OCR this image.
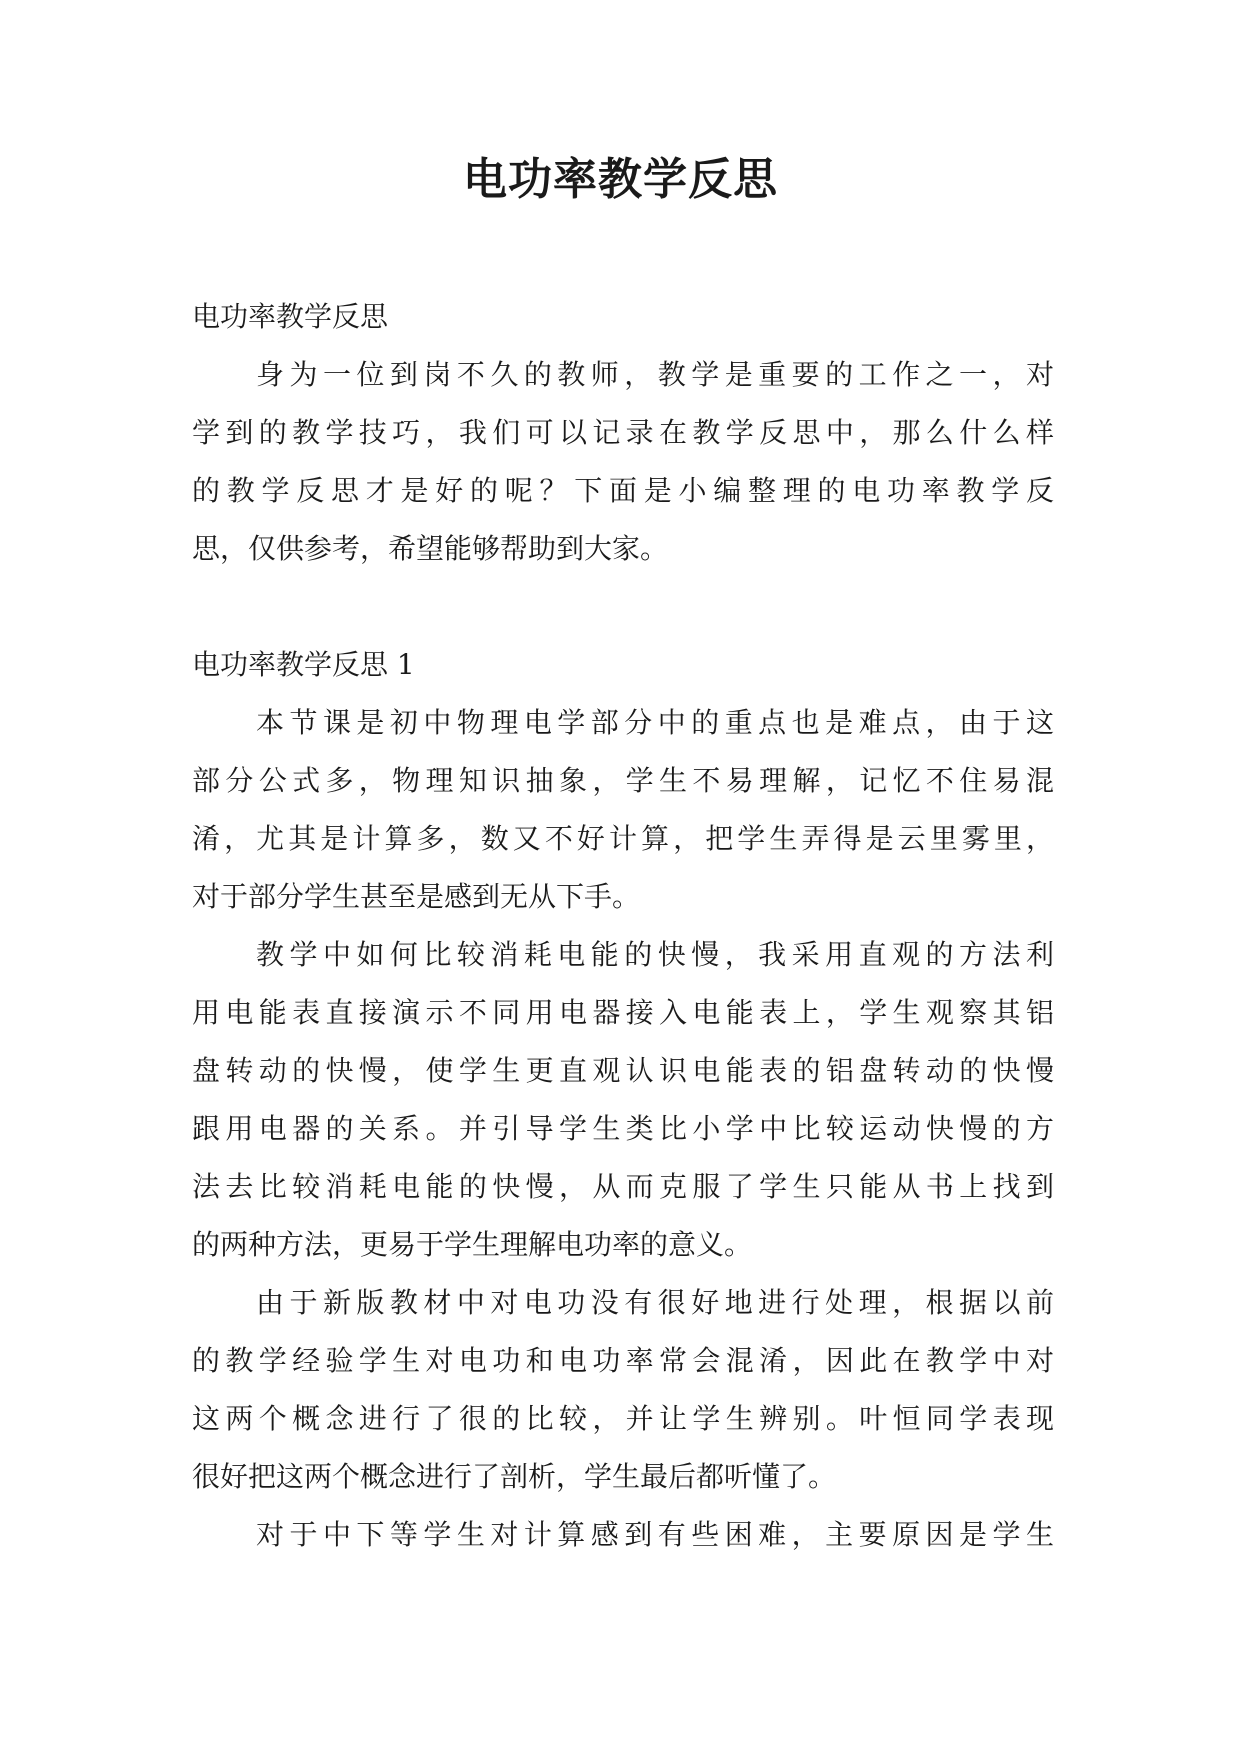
电功率教学反思

电功率教学反思

身为一位到岗不久的教师，教学是重要的工作之一，对

学到的教学技巧，我们可以记录在教学反思中，那么什么样

的教学反思才是好的呢？下面是小编整理的电功率教学反

思，仅供参考，希望能够帮助到大家。

电功率教学反思 1

本节课是初中物理电学部分中的重点也是难点，由于这

部分公式多，物理知识抽象，学生不易理解，记忆不住易混

淆，尤其是计算多，数又不好计算，把学生弄得是云里雾里，

对于部分学生甚至是感到无从下手。

教学中如何比较消耗电能的快慢，我采用直观的方法利

用电能表直接演示不同用电器接入电能表上，学生观察其铝

盘转动的快慢，使学生更直观认识电能表的铝盘转动的快慢

跟用电器的关系。并引导学生类比小学中比较运动快慢的方

法去比较消耗电能的快慢，从而克服了学生只能从书上找到

的两种方法，更易于学生理解电功率的意义。

由于新版教材中对电功没有很好地进行处理，根据以前

的教学经验学生对电功和电功率常会混淆，因此在教学中对

这两个概念进行了很的比较，并让学生辨别。叶恒同学表现

很好把这两个概念进行了剖析，学生最后都听懂了。

对于中下等学生对计算感到有些困难，主要原因是学生
